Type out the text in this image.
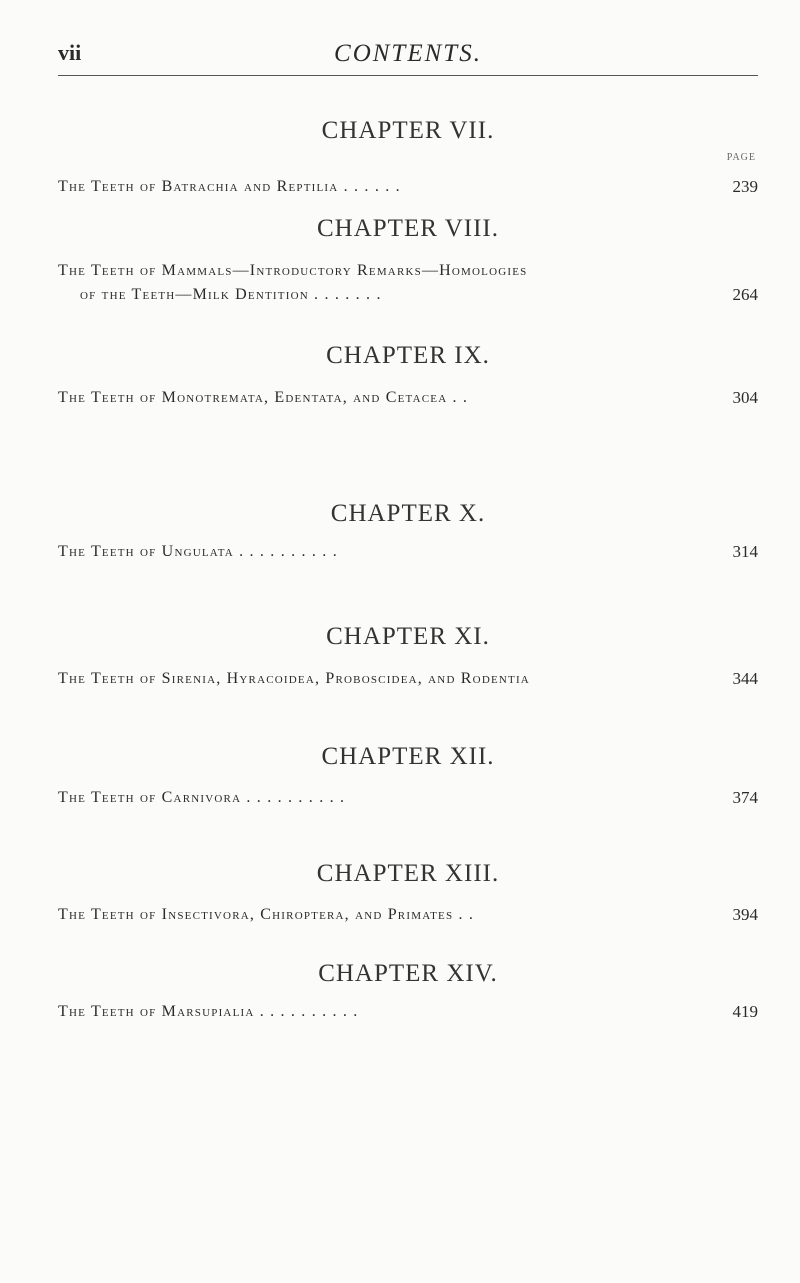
vii	CONTENTS.
PAGE
CHAPTER VII.
The Teeth of Batrachia and Reptilia . . . . . .	239
CHAPTER VIII.
The Teeth of Mammals—Introductory Remarks—Homologies
of the Teeth—Milk Dentition . . . . . . .	264
CHAPTER IX.
The Teeth of Monotremata, Edentata, and Cetacea . .	304
CHAPTER X.
The Teeth of Ungulata . . . . . . . . . .	314
CHAPTER XI.
The Teeth of Sirenia, Hyracoidea, Proboscidea, and Rodentia	344
CHAPTER XII.
The Teeth of Carnivora . . . . . . . . . .	374
CHAPTER XIII.
The Teeth of Insectivora, Chiroptera, and Primates . .	394
CHAPTER XIV.
The Teeth of Marsupialia . . . . . . . . . .	419
